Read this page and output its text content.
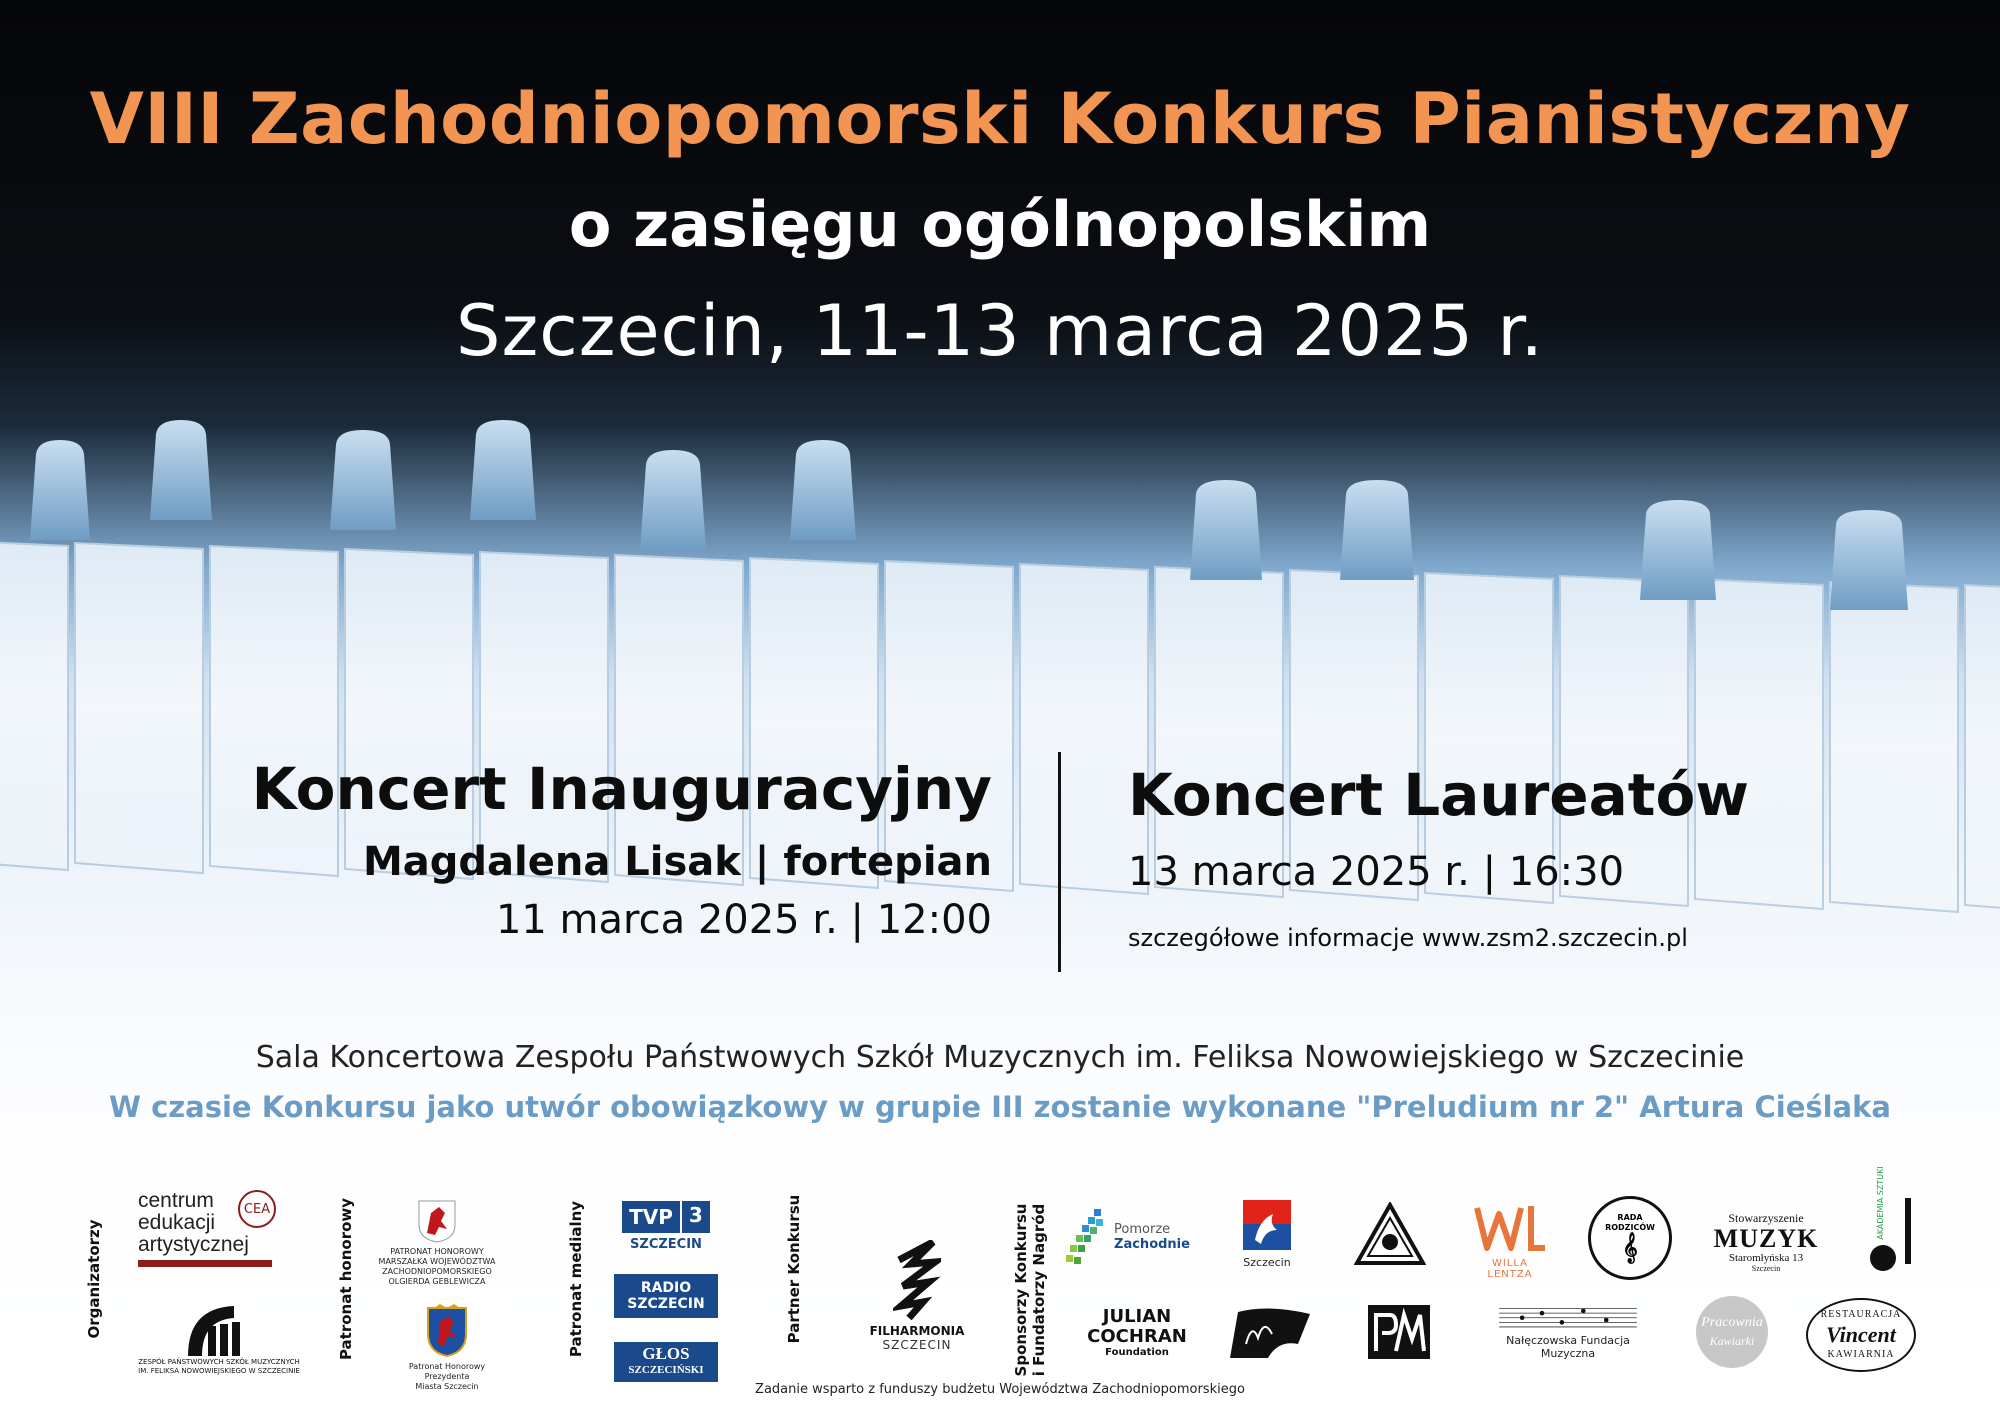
VIII Zachodniopomorski Konkurs Pianistyczny
o zasięgu ogólnopolskim
Szczecin, 11-13 marca 2025 r.
Koncert Inauguracyjny
Magdalena Lisak | fortepian
11 marca 2025 r. | 12:00
Koncert Laureatów
13 marca 2025 r. | 16:30
szczegółowe informacje www.zsm2.szczecin.pl
Sala Koncertowa Zespołu Państwowych Szkół Muzycznych im. Feliksa Nowowiejskiego w Szczecinie
W czasie Konkursu jako utwór obowiązkowy w grupie III zostanie wykonane "Preludium nr 2" Artura Cieślaka
Organizatorzy	Patronat honorowy	Patronat medialny	Partner Konkursu	Sponsorzy Konkursu i Fundatorzy Nagród
centrum
edukacji
artystycznej
CEA
ZESPÓŁ PAŃSTWOWYCH SZKÓŁ MUZYCZNYCH
IM. FELIKSA NOWOWIEJSKIEGO W SZCZECINIE
PATRONAT HONOROWY
MARSZAŁKA WOJEWÓDZTWA
ZACHODNIOPOMORSKIEGO
OLGIERDA GEBLEWICZA
Patronat Honorowy
Prezydenta
Miasta Szczecin
TVP 3
SZCZECIN
RADIO
SZCZECIN
GŁOS
SZCZECIŃSKI
FILHARMONIA
SZCZECIN
Pomorze
Zachodnie
Szczecin	WILLA LENTZA
RADA RODZICÓW
𝄞
Stowarzyszenie
MUZYK
Staromłyńska 13
Szczecin
AKADEMIA SZTUKI
JULIAN
COCHRAN
Foundation
Nałęczowska Fundacja Muzyczna
Pracownia
Kawiarki
RESTAURACJA
Vincent
KAWIARNIA
Zadanie wsparto z funduszy budżetu Województwa Zachodniopomorskiego
